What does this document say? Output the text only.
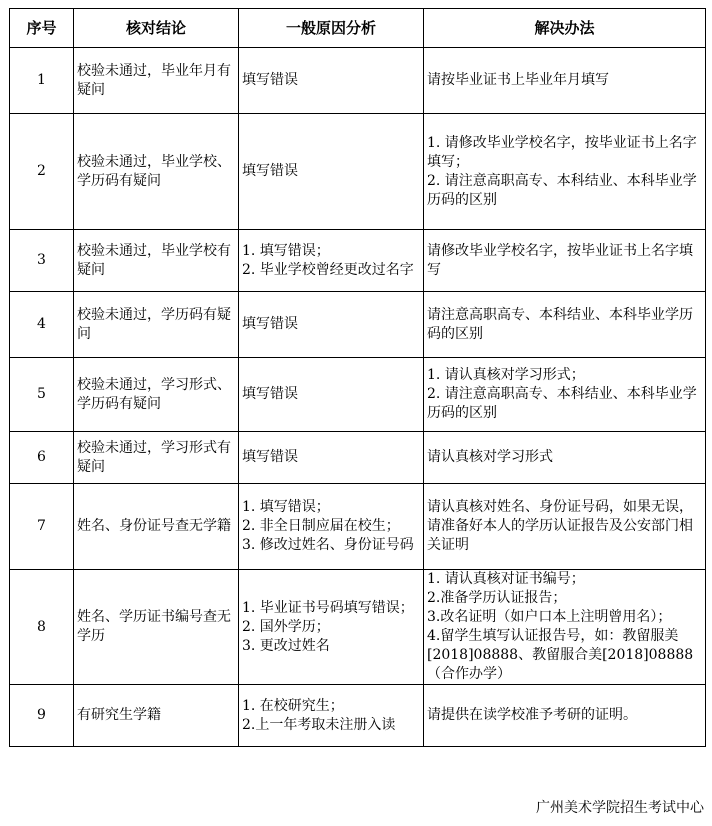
序号	核对结论	一般原因分析	解决办法
1	校验未通过，毕业年月有疑问	填写错误	请按毕业证书上毕业年月填写

2	校验未通过，毕业学校、学历码有疑问	填写错误	1. 请修改毕业学校名字，按毕业证书上名字填写；
2. 请注意高职高专、本科结业、本科毕业学历码的区别

3	校验未通过，毕业学校有疑问	1. 填写错误；
2. 毕业学校曾经更改过名字	请修改毕业学校名字，按毕业证书上名字填写

4	校验未通过，学历码有疑问	填写错误	请注意高职高专、本科结业、本科毕业学历码的区别

5	校验未通过，学习形式、学历码有疑问	填写错误	1. 请认真核对学习形式；
2. 请注意高职高专、本科结业、本科毕业学历码的区别

6	校验未通过，学习形式有疑问	填写错误	请认真核对学习形式

7	姓名、身份证号查无学籍	1. 填写错误；
2. 非全日制应届在校生；
3. 修改过姓名、身份证号码	请认真核对姓名、身份证号码，如果无误，请准备好本人的学历认证报告及公安部门相关证明

8	姓名、学历证书编号查无学历	1. 毕业证书号码填写错误；
2. 国外学历；
3. 更改过姓名	1. 请认真核对证书编号；
2.准备学历认证报告；
3.改名证明（如户口本上注明曾用名）；
4.留学生填写认证报告号，如：教留服美[2018]08888、教留服合美[2018]08888（合作办学）

9	有研究生学籍	1. 在校研究生；
2.上一年考取未注册入读	请提供在读学校准予考研的证明。
广州美术学院招生考试中心
